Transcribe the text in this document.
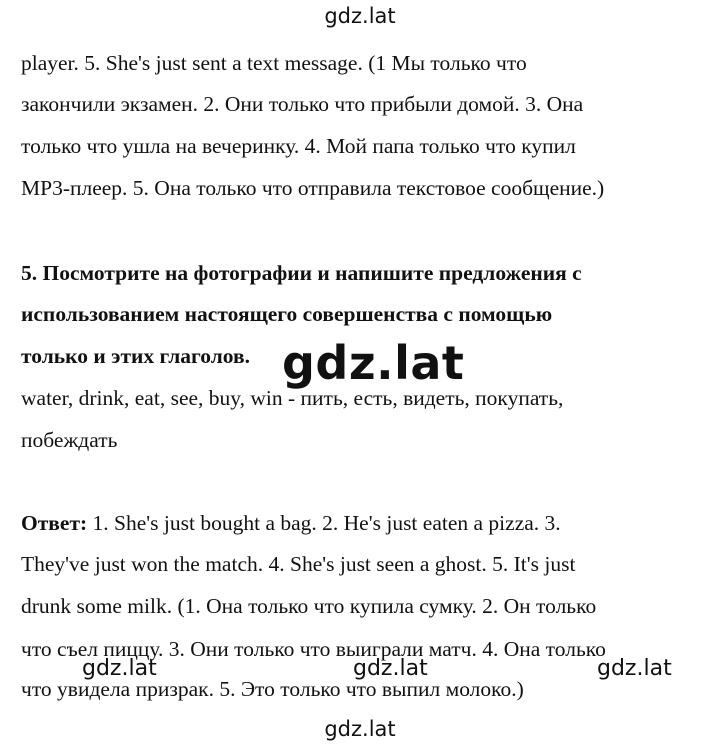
gdz.lat
player. 5. She's just sent a text message. (1 Мы только что
закончили экзамен. 2. Они только что прибыли домой. 3. Она
только что ушла на вечеринку. 4. Мой папа только что купил
MP3-плеер. 5. Она только что отправила текстовое сообщение.)
5. Посмотрите на фотографии и напишите предложения с
использованием настоящего совершенства с помощью
только и этих глаголов. gdz.lat
water, drink, eat, see, buy, win - пить, есть, видеть, покупать,
побеждать
Ответ: 1. She's just bought a bag. 2. He's just eaten a pizza. 3.
They've just won the match. 4. She's just seen a ghost. 5. It's just
drunk some milk. (1. Она только что купила сумку. 2. Он только
что съел пиццу. 3. Они только что выиграли матч. 4. Она только
что увидела призрак. 5. Это только что выпил молоко.)
gdz.lat	gdz.lat	gdz.lat
gdz.lat
